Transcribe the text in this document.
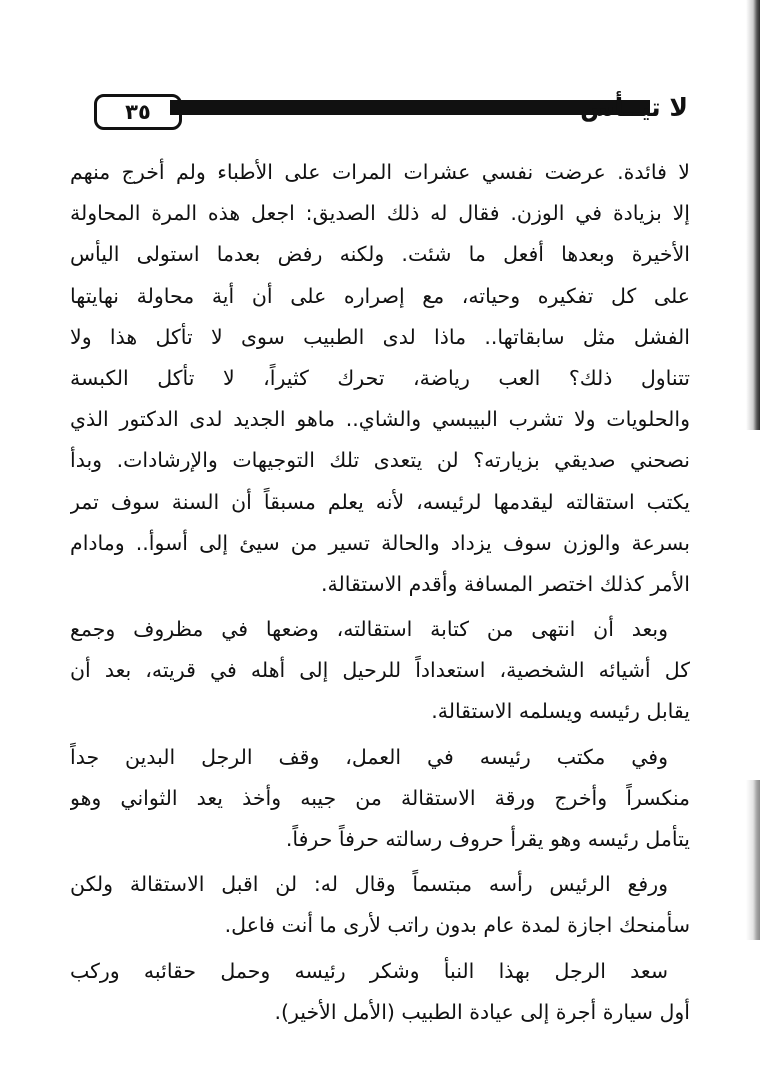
٣٥	لا تيــأس
لا فائدة. عرضت نفسي عشرات المرات على الأطباء ولم أخرج منهم
إلا بزيادة في الوزن. فقال له ذلك الصديق: اجعل هذه المرة المحاولة
الأخيرة وبعدها أفعل ما شئت. ولكنه رفض بعدما استولى اليأس
على كل تفكيره وحياته، مع إصراره على أن أية محاولة نهايتها
الفشل مثل سابقاتها.. ماذا لدى الطبيب سوى لا تأكل هذا ولا
تتناول ذلك؟ العب رياضة، تحرك كثيراً، لا تأكل الكبسة
والحلويات ولا تشرب البيبسي والشاي.. ماهو الجديد لدى الدكتور الذي
نصحني صديقي بزيارته؟ لن يتعدى تلك التوجيهات والإرشادات. وبدأ
يكتب استقالته ليقدمها لرئيسه، لأنه يعلم مسبقاً أن السنة سوف تمر
بسرعة والوزن سوف يزداد والحالة تسير من سيئ إلى أسوأ.. ومادام
الأمر كذلك اختصر المسافة وأقدم الاستقالة.
وبعد أن انتهى من كتابة استقالته، وضعها في مظروف وجمع
كل أشيائه الشخصية، استعداداً للرحيل إلى أهله في قريته، بعد أن
يقابل رئيسه ويسلمه الاستقالة.
وفي مكتب رئيسه في العمل، وقف الرجل البدين جداً
منكسراً وأخرج ورقة الاستقالة من جيبه وأخذ يعد الثواني وهو
يتأمل رئيسه وهو يقرأ حروف رسالته حرفاً حرفاً.
ورفع الرئيس رأسه مبتسماً وقال له: لن اقبل الاستقالة ولكن
سأمنحك اجازة لمدة عام بدون راتب لأرى ما أنت فاعل.
سعد الرجل بهذا النبأ وشكر رئيسه وحمل حقائبه وركب
أول سيارة أجرة إلى عيادة الطبيب (الأمل الأخير).
